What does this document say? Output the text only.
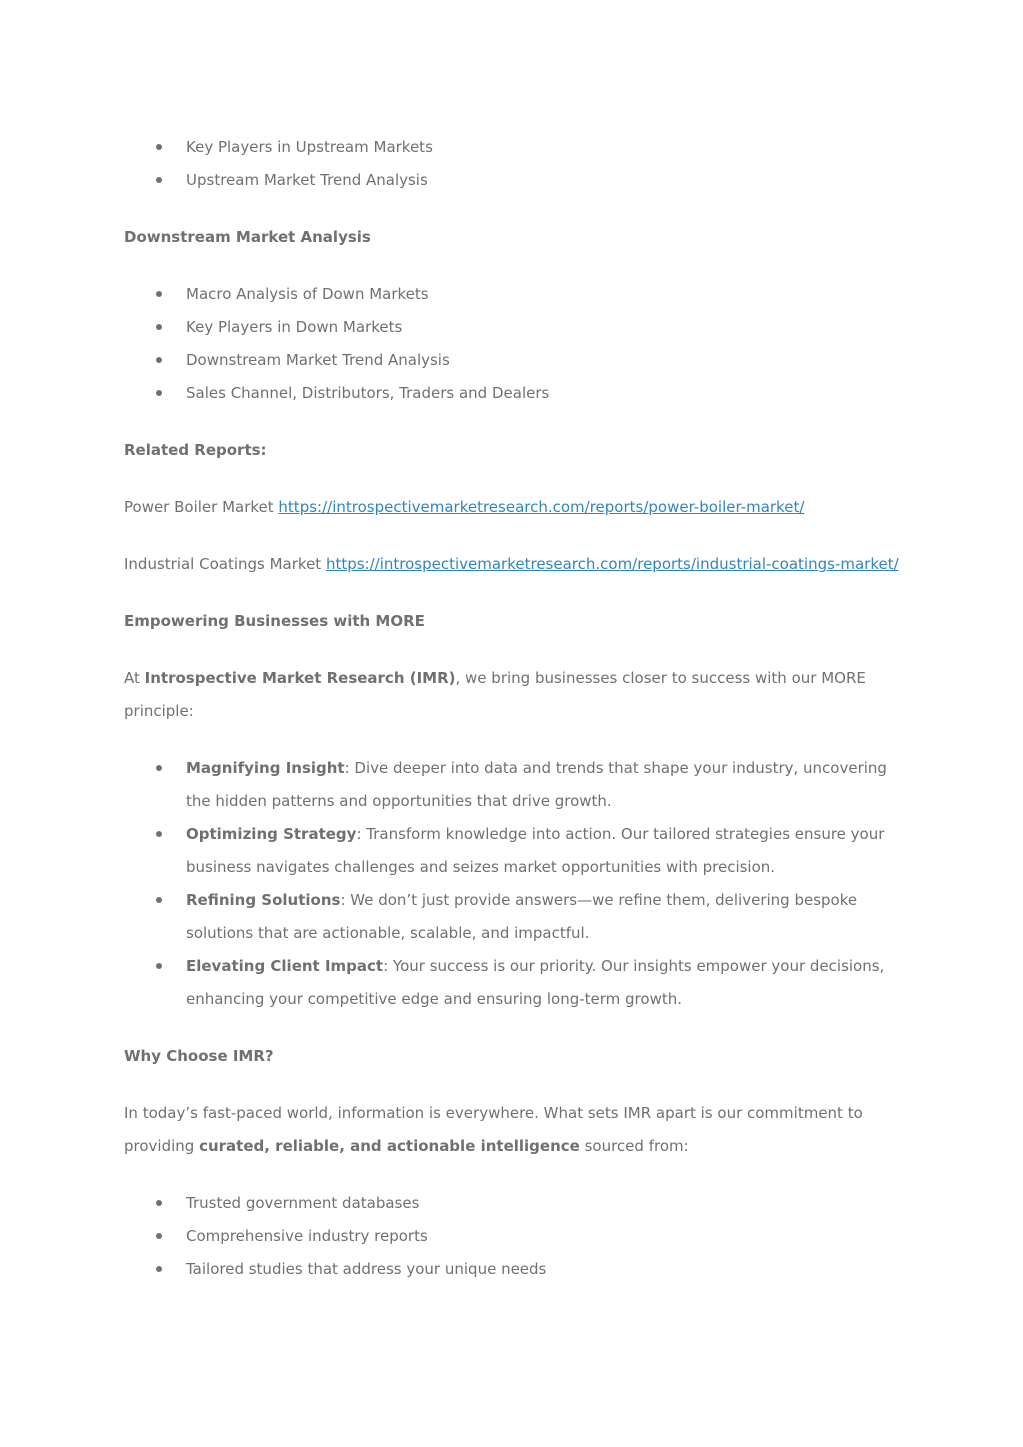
Key Players in Upstream Markets
Upstream Market Trend Analysis
Downstream Market Analysis
Macro Analysis of Down Markets
Key Players in Down Markets
Downstream Market Trend Analysis
Sales Channel, Distributors, Traders and Dealers
Related Reports:
Power Boiler Market https://introspectivemarketresearch.com/reports/power-boiler-market/
Industrial Coatings Market https://introspectivemarketresearch.com/reports/industrial-coatings-market/
Empowering Businesses with MORE
At Introspective Market Research (IMR), we bring businesses closer to success with our MORE principle:
Magnifying Insight: Dive deeper into data and trends that shape your industry, uncovering the hidden patterns and opportunities that drive growth.
Optimizing Strategy: Transform knowledge into action. Our tailored strategies ensure your business navigates challenges and seizes market opportunities with precision.
Refining Solutions: We don’t just provide answers—we refine them, delivering bespoke solutions that are actionable, scalable, and impactful.
Elevating Client Impact: Your success is our priority. Our insights empower your decisions, enhancing your competitive edge and ensuring long-term growth.
Why Choose IMR?
In today’s fast-paced world, information is everywhere. What sets IMR apart is our commitment to providing curated, reliable, and actionable intelligence sourced from:
Trusted government databases
Comprehensive industry reports
Tailored studies that address your unique needs
